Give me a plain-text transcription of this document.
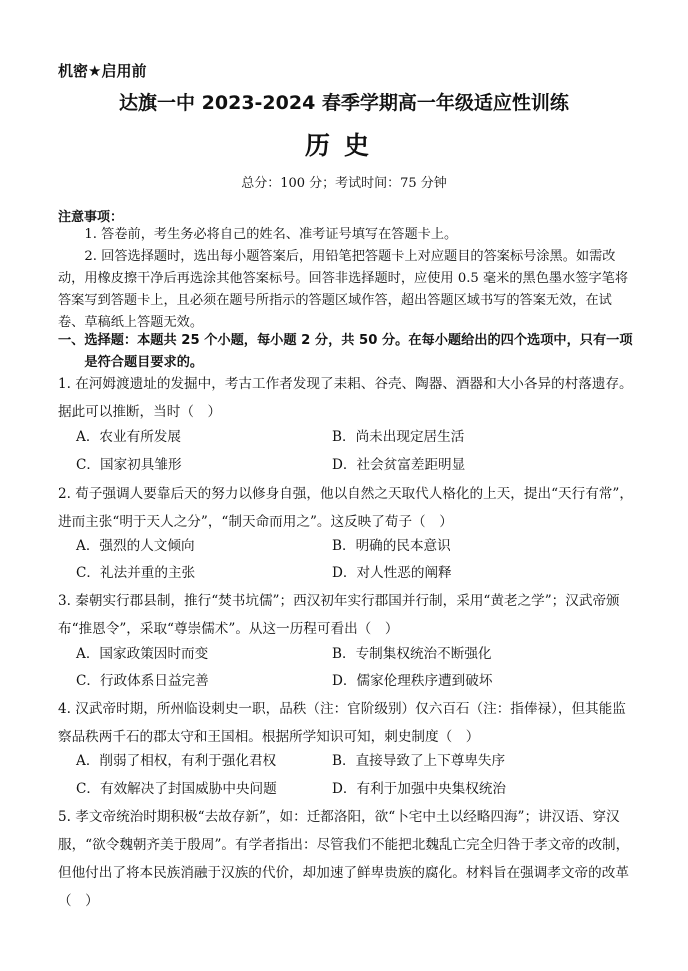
机密★启用前
达旗一中 2023-2024 春季学期高一年级适应性训练
历史
总分：100 分；考试时间：75 分钟
注意事项：

1. 答卷前，考生务必将自己的姓名、准考证号填写在答题卡上。

2. 回答选择题时，选出每小题答案后，用铅笔把答题卡上对应题目的答案标号涂黑。如需改动，用橡皮擦干净后再选涂其他答案标号。回答非选择题时，应使用 0.5 毫米的黑色墨水签字笔将答案写到答题卡上，且必须在题号所指示的答题区域作答，超出答题区域书写的答案无效，在试卷、草稿纸上答题无效。

一、选择题：本题共 25 个小题，每小题 2 分，共 50 分。在每小题给出的四个选项中，只有一项是符合题目要求的。
1. 在河姆渡遗址的发掘中，考古工作者发现了耒耜、谷壳、陶器、酒器和大小各异的村落遗存。据此可以推断，当时（　）
A．农业有所发展	B．尚未出现定居生活
C．国家初具雏形	D．社会贫富差距明显
2. 荀子强调人要靠后天的努力以修身自强，他以自然之天取代人格化的上天，提出“天行有常”，进而主张“明于天人之分”，“制天命而用之”。这反映了荀子（　）
A．强烈的人文倾向	B．明确的民本意识
C．礼法并重的主张	D．对人性恶的阐释
3. 秦朝实行郡县制，推行“焚书坑儒”；西汉初年实行郡国并行制，采用“黄老之学”；汉武帝颁布“推恩令”，采取“尊崇儒术”。从这一历程可看出（　）
A．国家政策因时而变	B．专制集权统治不断强化
C．行政体系日益完善	D．儒家伦理秩序遭到破坏
4. 汉武帝时期，所州临设刺史一职，品秩（注：官阶级别）仅六百石（注：指俸禄），但其能监察品秩两千石的郡太守和王国相。根据所学知识可知，刺史制度（　）
A．削弱了相权，有利于强化君权	B．直接导致了上下尊卑失序
C．有效解决了封国威胁中央问题	D．有利于加强中央集权统治
5. 孝文帝统治时期积极“去故存新”，如：迁都洛阳，欲“卜宅中土以经略四海”；讲汉语、穿汉服，“欲令魏朝齐美于殷周”。有学者指出：尽管我们不能把北魏乱亡完全归咎于孝文帝的改制，但他付出了将本民族消融于汉族的代价，却加速了鲜卑贵族的腐化。材料旨在强调孝文帝的改革（　）
